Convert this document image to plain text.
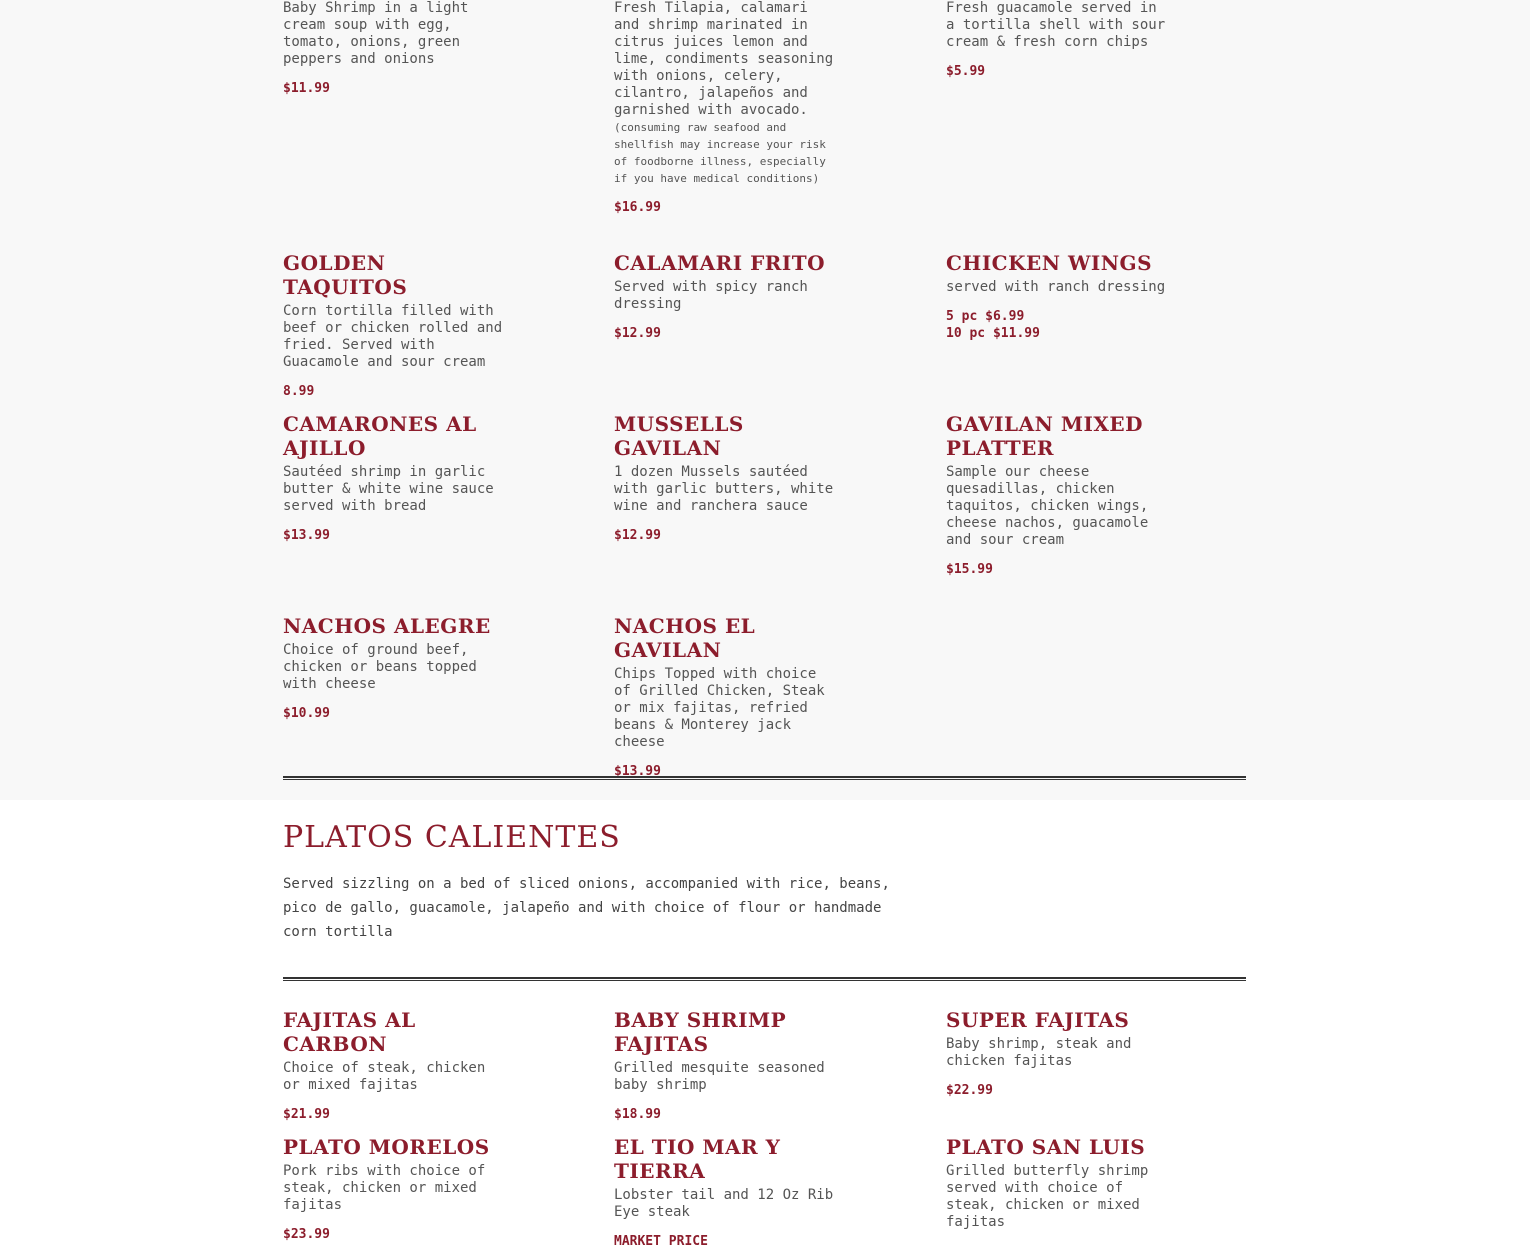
Baby Shrimp in a light cream soup with egg, tomato, onions, green peppers and onions

$11.99

Fresh Tilapia, calamari and shrimp marinated in citrus juices lemon and lime, condiments seasoning with onions, celery, cilantro, jalapeños and garnished with avocado. (consuming raw seafood and shellfish may increase your risk of foodborne illness, especially if you have medical conditions)

$16.99

Fresh guacamole served in a tortilla shell with sour cream & fresh corn chips

$5.99
GOLDEN TAQUITOS

Corn tortilla filled with beef or chicken rolled and fried. Served with Guacamole and sour cream

8.99
CALAMARI FRITO

Served with spicy ranch dressing

$12.99
CHICKEN WINGS

served with ranch dressing

5 pc $6.99
10 pc $11.99
CAMARONES AL AJILLO

Sautéed shrimp in garlic butter & white wine sauce served with bread

$13.99
MUSSELLS GAVILAN

1 dozen Mussels sautéed with garlic butters, white wine and ranchera sauce

$12.99
GAVILAN MIXED PLATTER

Sample our cheese quesadillas, chicken taquitos, chicken wings, cheese nachos, guacamole and sour cream

$15.99
NACHOS ALEGRE

Choice of ground beef, chicken or beans topped with cheese

$10.99
NACHOS EL GAVILAN

Chips Topped with choice of Grilled Chicken, Steak or mix fajitas, refried beans & Monterey jack cheese

$13.99
PLATOS CALIENTES

Served sizzling on a bed of sliced onions, accompanied with rice, beans, pico de gallo, guacamole, jalapeño and with choice of flour or handmade corn tortilla

FAJITAS AL CARBON

Choice of steak, chicken or mixed fajitas

$21.99
BABY SHRIMP FAJITAS

Grilled mesquite seasoned baby shrimp

$18.99
SUPER FAJITAS

Baby shrimp, steak and chicken fajitas

$22.99
PLATO MORELOS

Pork ribs with choice of steak, chicken or mixed fajitas

$23.99
EL TIO MAR Y TIERRA

Lobster tail and 12 Oz Rib Eye steak

MARKET PRICE
PLATO SAN LUIS

Grilled butterfly shrimp served with choice of steak, chicken or mixed fajitas
